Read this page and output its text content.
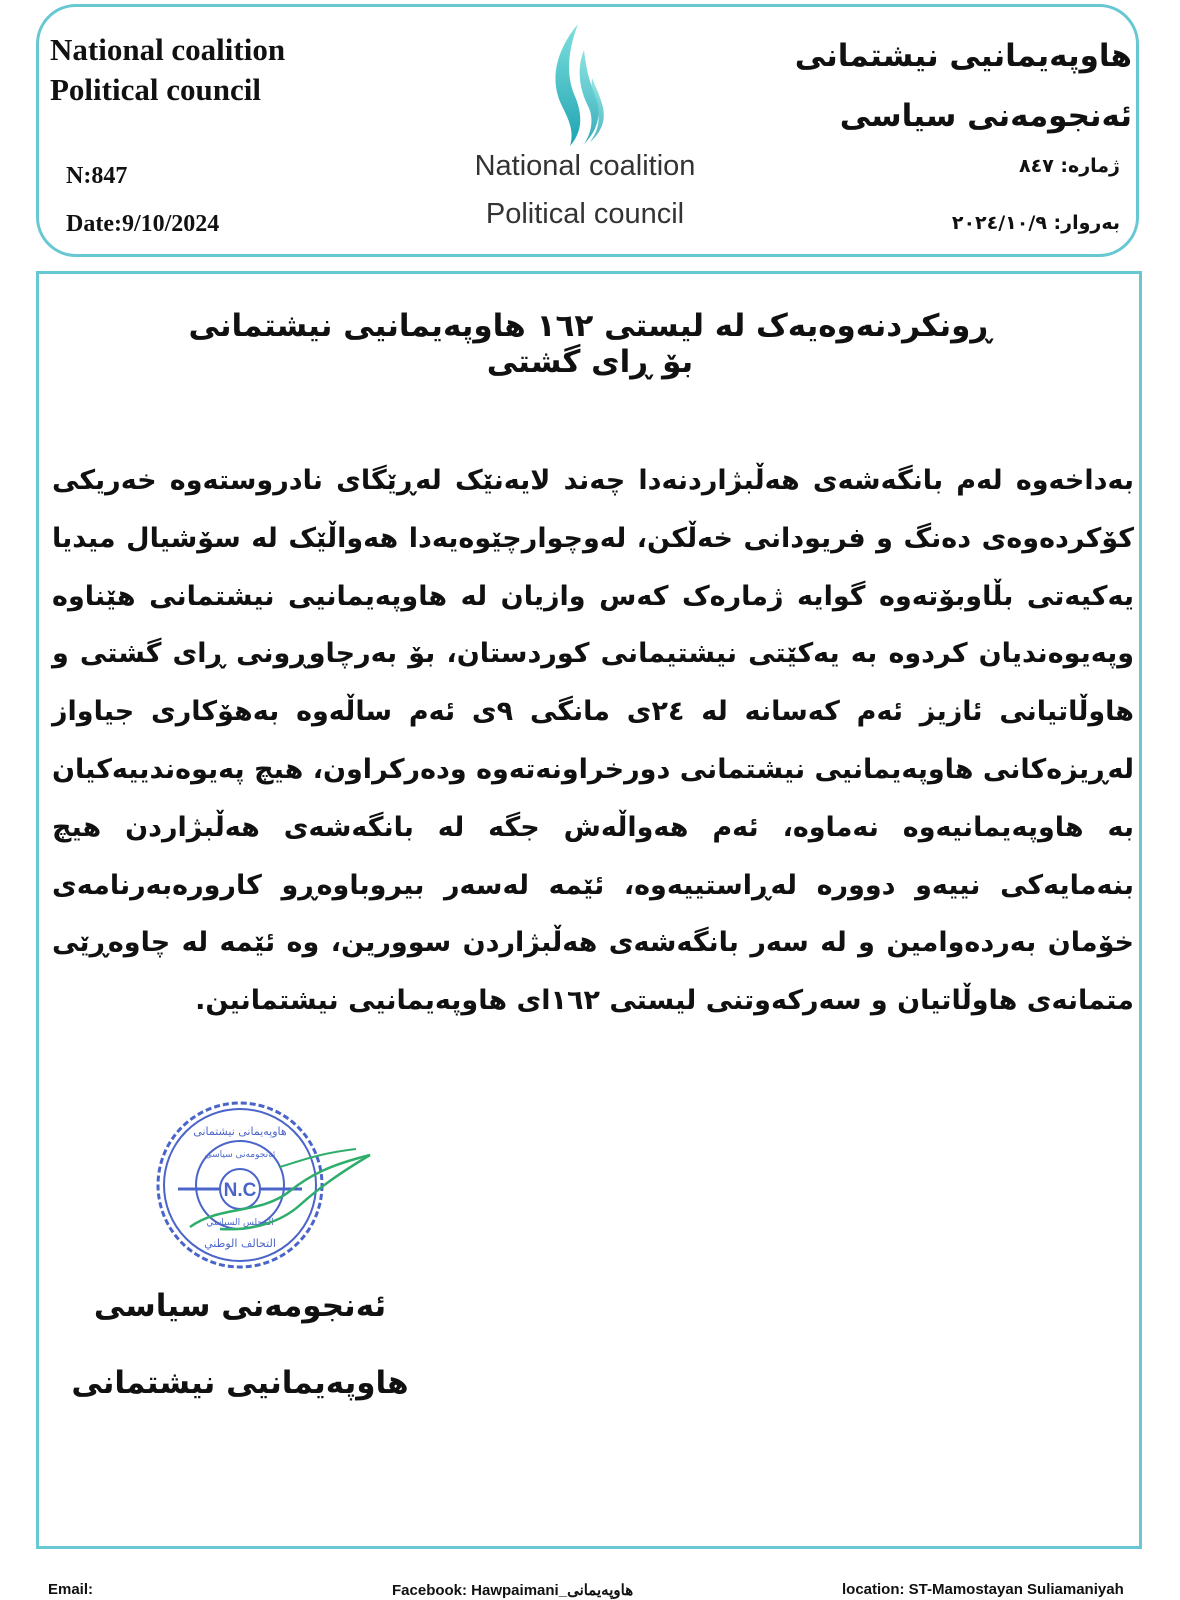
National coalition
Political council
N:847
Date:9/10/2024
National coalition
Political council
هاوپەیمانیی نیشتمانی
ئەنجومەنی سیاسی
ژمارە: ٨٤٧
بەروار: ٢٠٢٤/١٠/٩
ڕونکردنەوەیەک لە لیستی ١٦٢ هاوپەیمانیی نیشتمانی بۆ ڕای گشتی
بەداخەوە لەم بانگەشەی هەڵبژاردنەدا چەند لایەنێک لەڕێگای نادروستەوە خەریکی کۆکردەوەی دەنگ و فریودانی خەڵکن، لەوچوارچێوەیەدا هەواڵێک لە سۆشیال میدیا یەکیەتی بڵاوبۆتەوە گوایە ژمارەک کەس وازیان لە هاوپەیمانیی نیشتمانی هێناوە وپەیوەندیان کردوە بە یەکێتی نیشتیمانی کوردستان، بۆ بەرچاوڕونی ڕای گشتی و هاوڵاتیانی ئازیز ئەم کەسانە لە ٢٤ی مانگی ٩ی ئەم ساڵەوە بەهۆکاری جیاواز لەڕیزەکانی هاوپەیمانیی نیشتمانی دورخراونەتەوە ودەرکراون، هیچ پەیوەندییەکیان بە هاوپەیمانیەوە نەماوە، ئەم هەواڵەش جگە لە بانگەشەی هەڵبژاردن هیچ بنەمایەکی نییەو دوورە لەڕاستییەوە، ئێمە لەسەر بیروباوەڕو کارورەبەرنامەی خۆمان بەردەوامین و لە سەر بانگەشەی هەڵبژاردن سوورین، وە ئێمە لە چاوەڕێی متمانەی هاوڵاتیان و سەرکەوتنی لیستی ١٦٢ای هاوپەیمانیی نیشتمانین.
N.C
هاوپەیمانی نیشتمانی
ئەنجومەنی سیاسی
المجلس السياسي
التحالف الوطني
ئەنجومەنی سیاسی
هاوپەیمانیی نیشتمانی
Email:	Facebook: Hawpaimani_هاوپەیمانی	location: ST-Mamostayan Suliamaniyah
